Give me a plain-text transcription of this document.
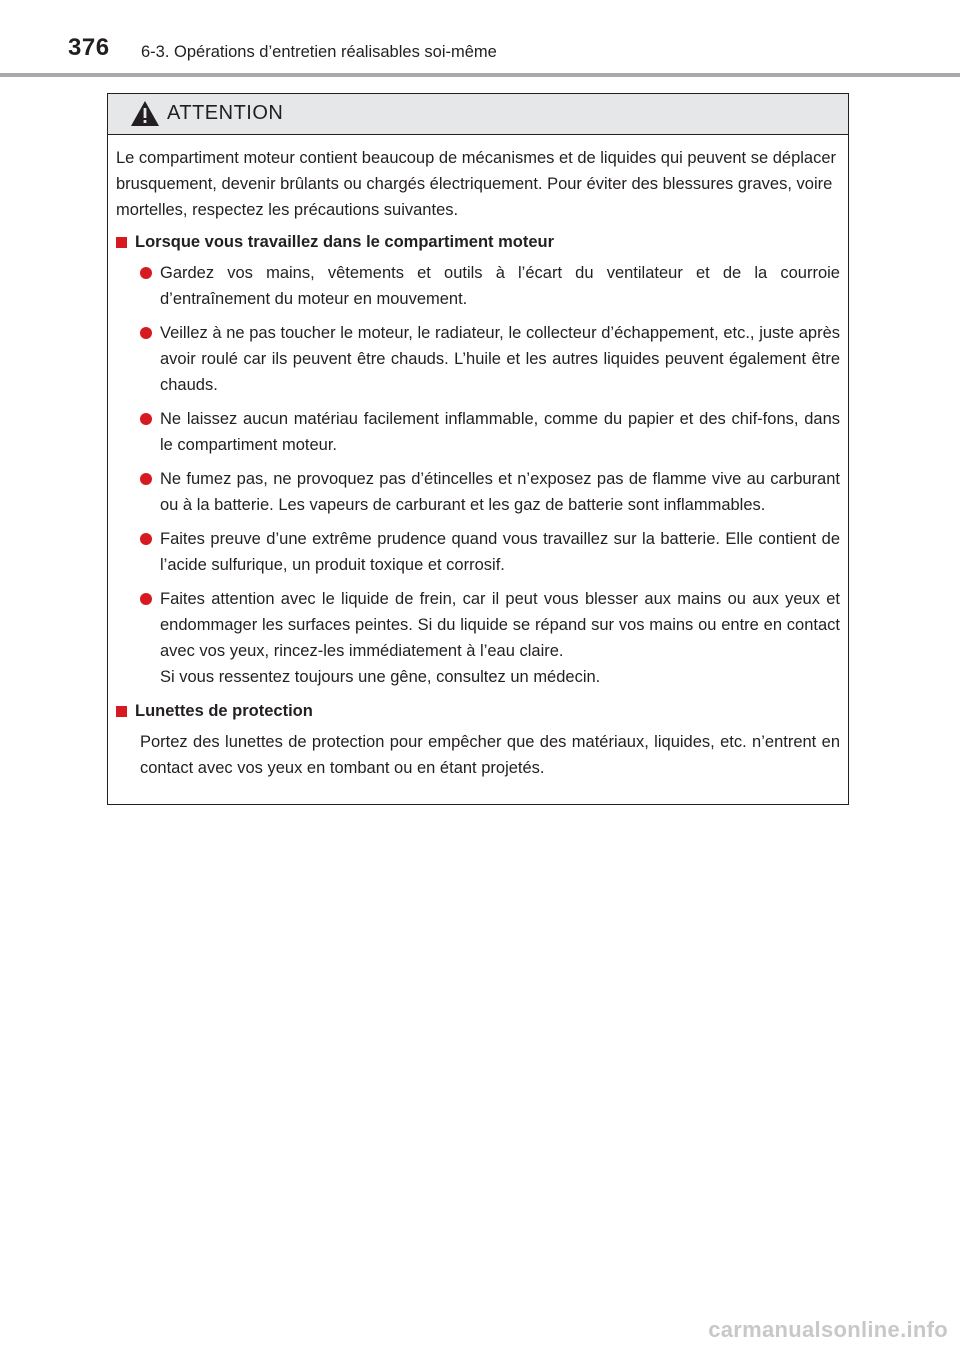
376 6-3. Opérations d’entretien réalisables soi-même
ATTENTION

Le compartiment moteur contient beaucoup de mécanismes et de liquides qui peuvent se déplacer brusquement, devenir brûlants ou chargés électriquement. Pour éviter des blessures graves, voire mortelles, respectez les précautions suivantes.

Lorsque vous travaillez dans le compartiment moteur
Gardez vos mains, vêtements et outils à l’écart du ventilateur et de la courroie d’entraînement du moteur en mouvement.
Veillez à ne pas toucher le moteur, le radiateur, le collecteur d’échappement, etc., juste après avoir roulé car ils peuvent être chauds. L’huile et les autres liquides peuvent également être chauds.
Ne laissez aucun matériau facilement inflammable, comme du papier et des chif-fons, dans le compartiment moteur.
Ne fumez pas, ne provoquez pas d’étincelles et n’exposez pas de flamme vive au carburant ou à la batterie. Les vapeurs de carburant et les gaz de batterie sont inflammables.
Faites preuve d’une extrême prudence quand vous travaillez sur la batterie. Elle contient de l’acide sulfurique, un produit toxique et corrosif.
Faites attention avec le liquide de frein, car il peut vous blesser aux mains ou aux yeux et endommager les surfaces peintes. Si du liquide se répand sur vos mains ou entre en contact avec vos yeux, rincez-les immédiatement à l’eau claire.
Si vous ressentez toujours une gêne, consultez un médecin.
Lunettes de protection

Portez des lunettes de protection pour empêcher que des matériaux, liquides, etc. n’entrent en contact avec vos yeux en tombant ou en étant projetés.

carmanualsonline.info
